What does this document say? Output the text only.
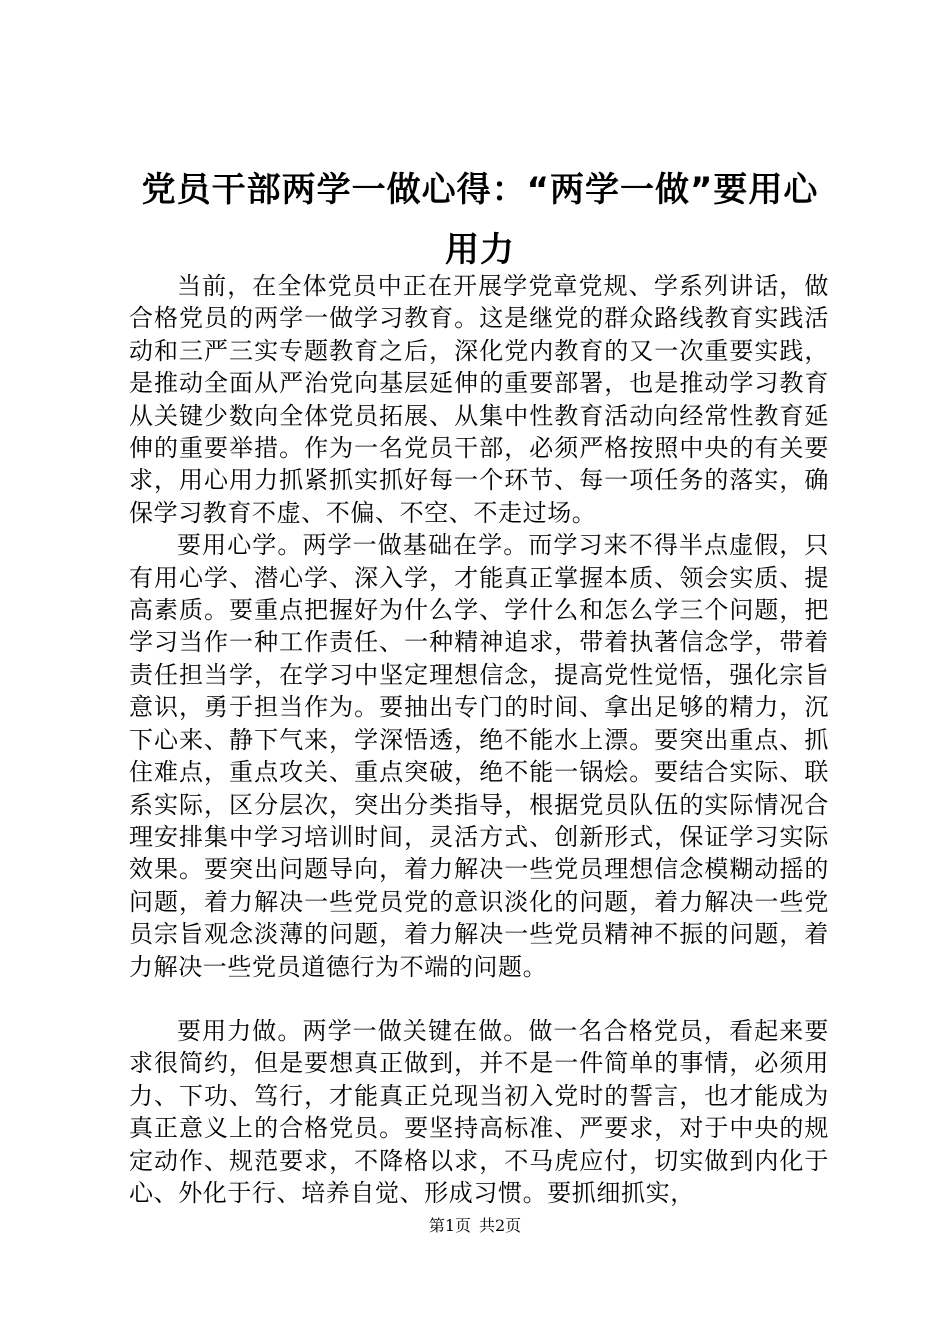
党员干部两学一做心得：“两学一做”要用心
用力

当前，在全体党员中正在开展学党章党规、学系列讲话，做合格党员的两学一做学习教育。这是继党的群众路线教育实践活动和三严三实专题教育之后，深化党内教育的又一次重要实践，是推动全面从严治党向基层延伸的重要部署，也是推动学习教育从关键少数向全体党员拓展、从集中性教育活动向经常性教育延伸的重要举措。作为一名党员干部，必须严格按照中央的有关要求，用心用力抓紧抓实抓好每一个环节、每一项任务的落实，确保学习教育不虚、不偏、不空、不走过场。

要用心学。两学一做基础在学。而学习来不得半点虚假，只有用心学、潜心学、深入学，才能真正掌握本质、领会实质、提高素质。要重点把握好为什么学、学什么和怎么学三个问题，把学习当作一种工作责任、一种精神追求，带着执著信念学，带着责任担当学，在学习中坚定理想信念，提高党性觉悟，强化宗旨意识，勇于担当作为。要抽出专门的时间、拿出足够的精力，沉下心来、静下气来，学深悟透，绝不能水上漂。要突出重点、抓住难点，重点攻关、重点突破，绝不能一锅烩。要结合实际、联系实际，区分层次，突出分类指导，根据党员队伍的实际情况合理安排集中学习培训时间，灵活方式、创新形式，保证学习实际效果。要突出问题导向，着力解决一些党员理想信念模糊动摇的问题，着力解决一些党员党的意识淡化的问题，着力解决一些党员宗旨观念淡薄的问题，着力解决一些党员精神不振的问题，着力解决一些党员道德行为不端的问题。

要用力做。两学一做关键在做。做一名合格党员，看起来要求很简约，但是要想真正做到，并不是一件简单的事情，必须用力、下功、笃行，才能真正兑现当初入党时的誓言，也才能成为真正意义上的合格党员。要坚持高标准、严要求，对于中央的规定动作、规范要求，不降格以求，不马虎应付，切实做到内化于心、外化于行、培养自觉、形成习惯。要抓细抓实，

第1页 共2页
